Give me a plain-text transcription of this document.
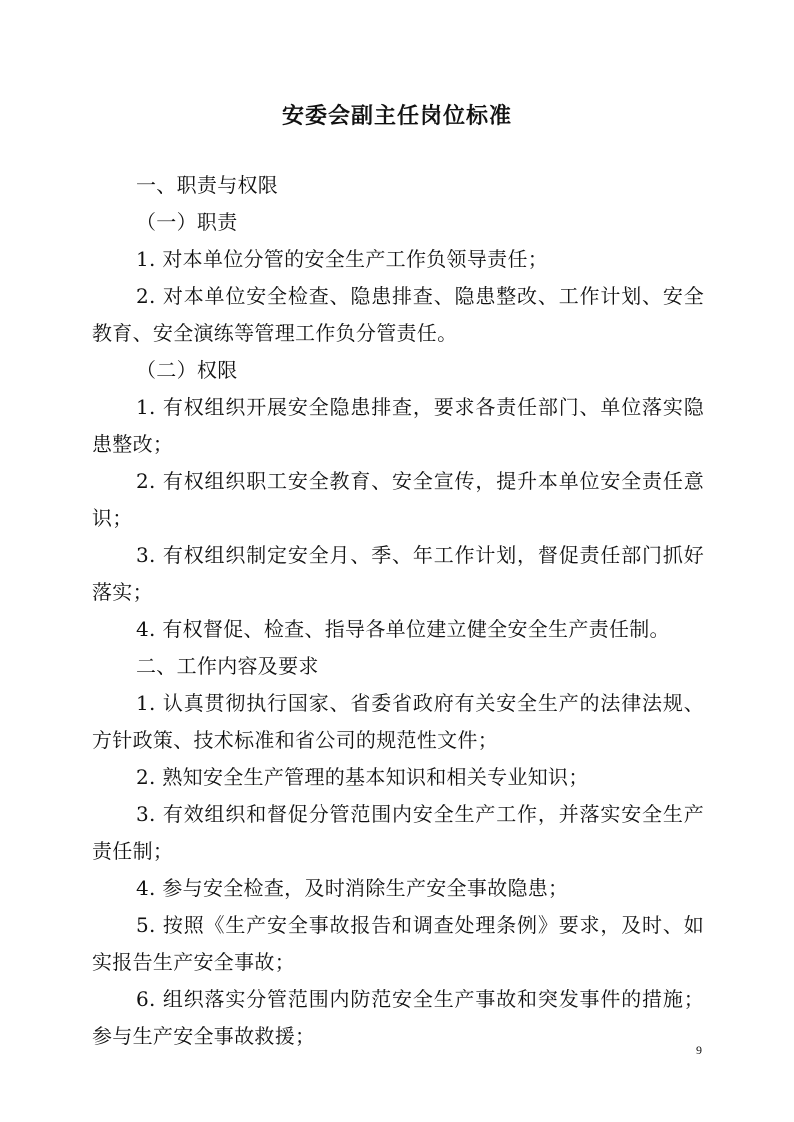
安委会副主任岗位标准

一、职责与权限

（一）职责

1. 对本单位分管的安全生产工作负领导责任；

2. 对本单位安全检查、隐患排查、隐患整改、工作计划、安全教育、安全演练等管理工作负分管责任。

（二）权限

1. 有权组织开展安全隐患排查，要求各责任部门、单位落实隐患整改；

2. 有权组织职工安全教育、安全宣传，提升本单位安全责任意识；

3. 有权组织制定安全月、季、年工作计划，督促责任部门抓好落实；

4. 有权督促、检查、指导各单位建立健全安全生产责任制。

二、工作内容及要求

1. 认真贯彻执行国家、省委省政府有关安全生产的法律法规、方针政策、技术标准和省公司的规范性文件；

2. 熟知安全生产管理的基本知识和相关专业知识；

3. 有效组织和督促分管范围内安全生产工作，并落实安全生产责任制；

4. 参与安全检查，及时消除生产安全事故隐患；

5. 按照《生产安全事故报告和调查处理条例》要求，及时、如实报告生产安全事故；

6. 组织落实分管范围内防范安全生产事故和突发事件的措施；参与生产安全事故救援；

9
